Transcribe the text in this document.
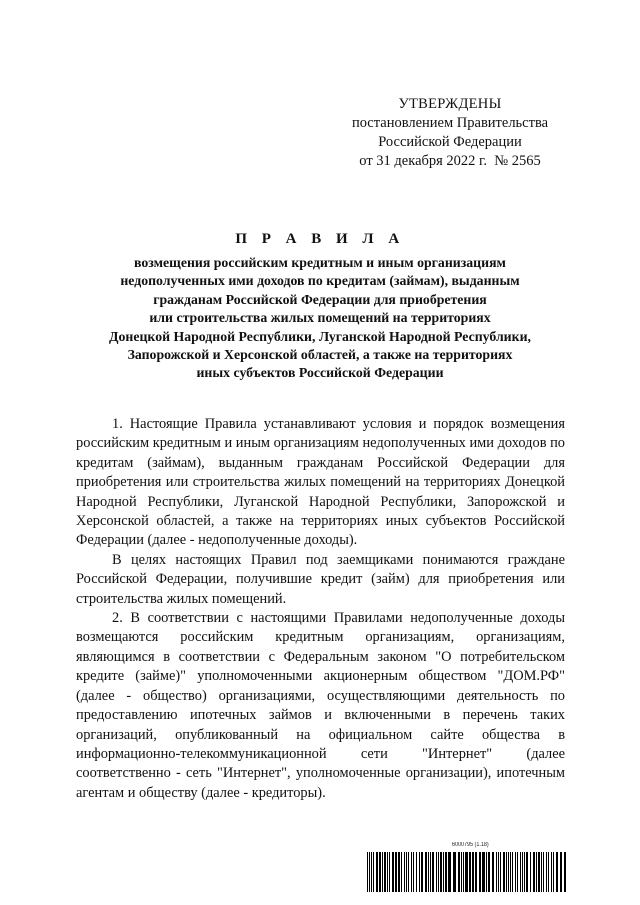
УТВЕРЖДЕНЫ
постановлением Правительства
Российской Федерации
от 31 декабря 2022 г.  № 2565
П Р А В И Л А
возмещения российским кредитным и иным организациям
недополученных ими доходов по кредитам (займам), выданным
гражданам Российской Федерации для приобретения
или строительства жилых помещений на территориях
Донецкой Народной Республики, Луганской Народной Республики,
Запорожской и Херсонской областей, а также на территориях
иных субъектов Российской Федерации

1. Настоящие Правила устанавливают условия и порядок возмещения российским кредитным и иным организациям недополученных ими доходов по кредитам (займам), выданным гражданам Российской Федерации для приобретения или строительства жилых помещений на территориях Донецкой Народной Республики, Луганской Народной Республики, Запорожской и Херсонской областей, а также на территориях иных субъектов Российской Федерации (далее - недополученные доходы).

В целях настоящих Правил под заемщиками понимаются граждане Российской Федерации, получившие кредит (займ) для приобретения или строительства жилых помещений.

2. В соответствии с настоящими Правилами недополученные доходы возмещаются российским кредитным организациям, организациям, являющимся в соответствии с Федеральным законом "О потребительском кредите (займе)" уполномоченными акционерным обществом "ДОМ.РФ" (далее - общество) организациями, осуществляющими деятельность по предоставлению ипотечных займов и включенными в перечень таких организаций, опубликованный на официальном сайте общества в информационно-телекоммуникационной сети "Интернет" (далее соответственно - сеть "Интернет", уполномоченные организации), ипотечным агентам и обществу (далее - кредиторы).

6000795 (1.18)
